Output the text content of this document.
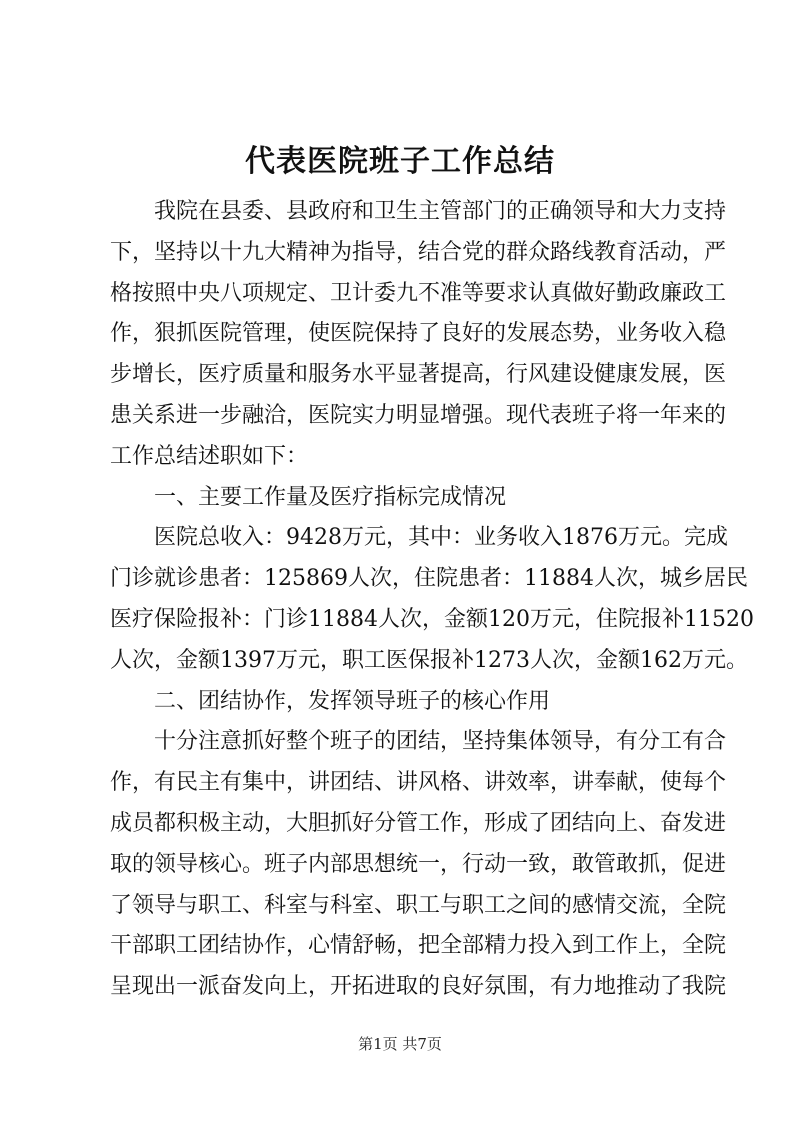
代表医院班子工作总结
我院在县委、县政府和卫生主管部门的正确领导和大力支持
下，坚持以十九大精神为指导，结合党的群众路线教育活动，严
格按照中央八项规定、卫计委九不准等要求认真做好勤政廉政工
作，狠抓医院管理，使医院保持了良好的发展态势，业务收入稳
步增长，医疗质量和服务水平显著提高，行风建设健康发展，医
患关系进一步融洽，医院实力明显增强。现代表班子将一年来的
工作总结述职如下：
一、主要工作量及医疗指标完成情况
医院总收入：9428万元，其中：业务收入1876万元。完成
门诊就诊患者：125869人次，住院患者：11884人次，城乡居民
医疗保险报补：门诊11884人次，金额120万元，住院报补11520
人次，金额1397万元，职工医保报补1273人次，金额162万元。
二、团结协作，发挥领导班子的核心作用
十分注意抓好整个班子的团结，坚持集体领导，有分工有合
作，有民主有集中，讲团结、讲风格、讲效率，讲奉献，使每个
成员都积极主动，大胆抓好分管工作，形成了团结向上、奋发进
取的领导核心。班子内部思想统一，行动一致，敢管敢抓，促进
了领导与职工、科室与科室、职工与职工之间的感情交流，全院
干部职工团结协作，心情舒畅，把全部精力投入到工作上，全院
呈现出一派奋发向上，开拓进取的良好氛围，有力地推动了我院
第1页 共7页
